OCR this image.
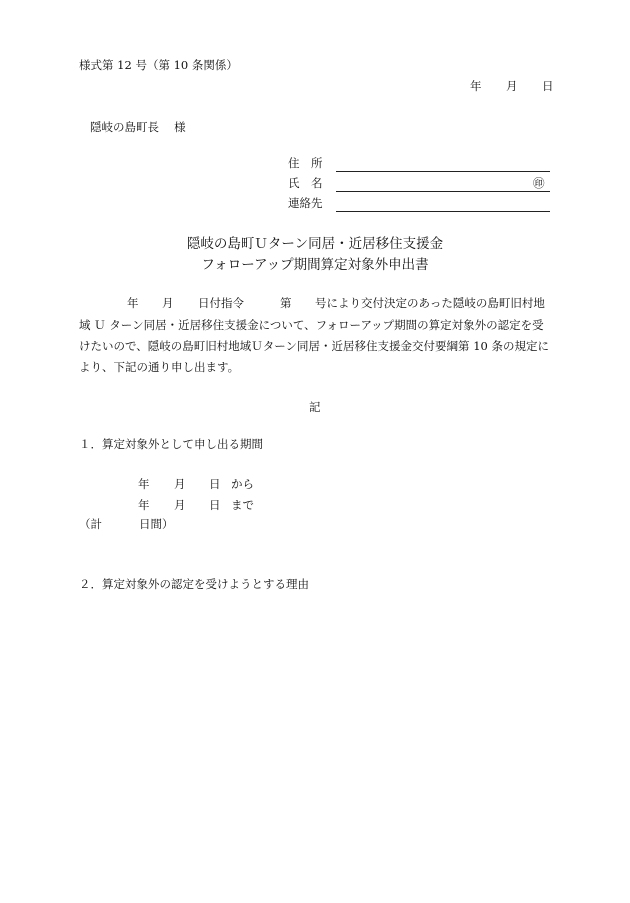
様式第 12 号（第 10 条関係）
年 月 日
隠岐の島町長　 様
住　所
氏　名	㊞
連絡先
隠岐の島町Ｕターン同居・近居移住支援金
フォローアップ期間算定対象外申出書
年 月 日付指令	第 号により交付決定のあった隠岐の島町旧村地
域 Ｕ ターン同居・近居移住支援金について、フォローアップ期間の算定対象外の認定を受
けたいので、隠岐の島町旧村地域Ｕターン同居・近居移住支援金交付要綱第 10 条の規定に
より、下記の通り申し出ます。
記
１．算定対象外として申し出る期間
年 月 日 から
年 月 日 まで
（計	日間）
２．算定対象外の認定を受けようとする理由
